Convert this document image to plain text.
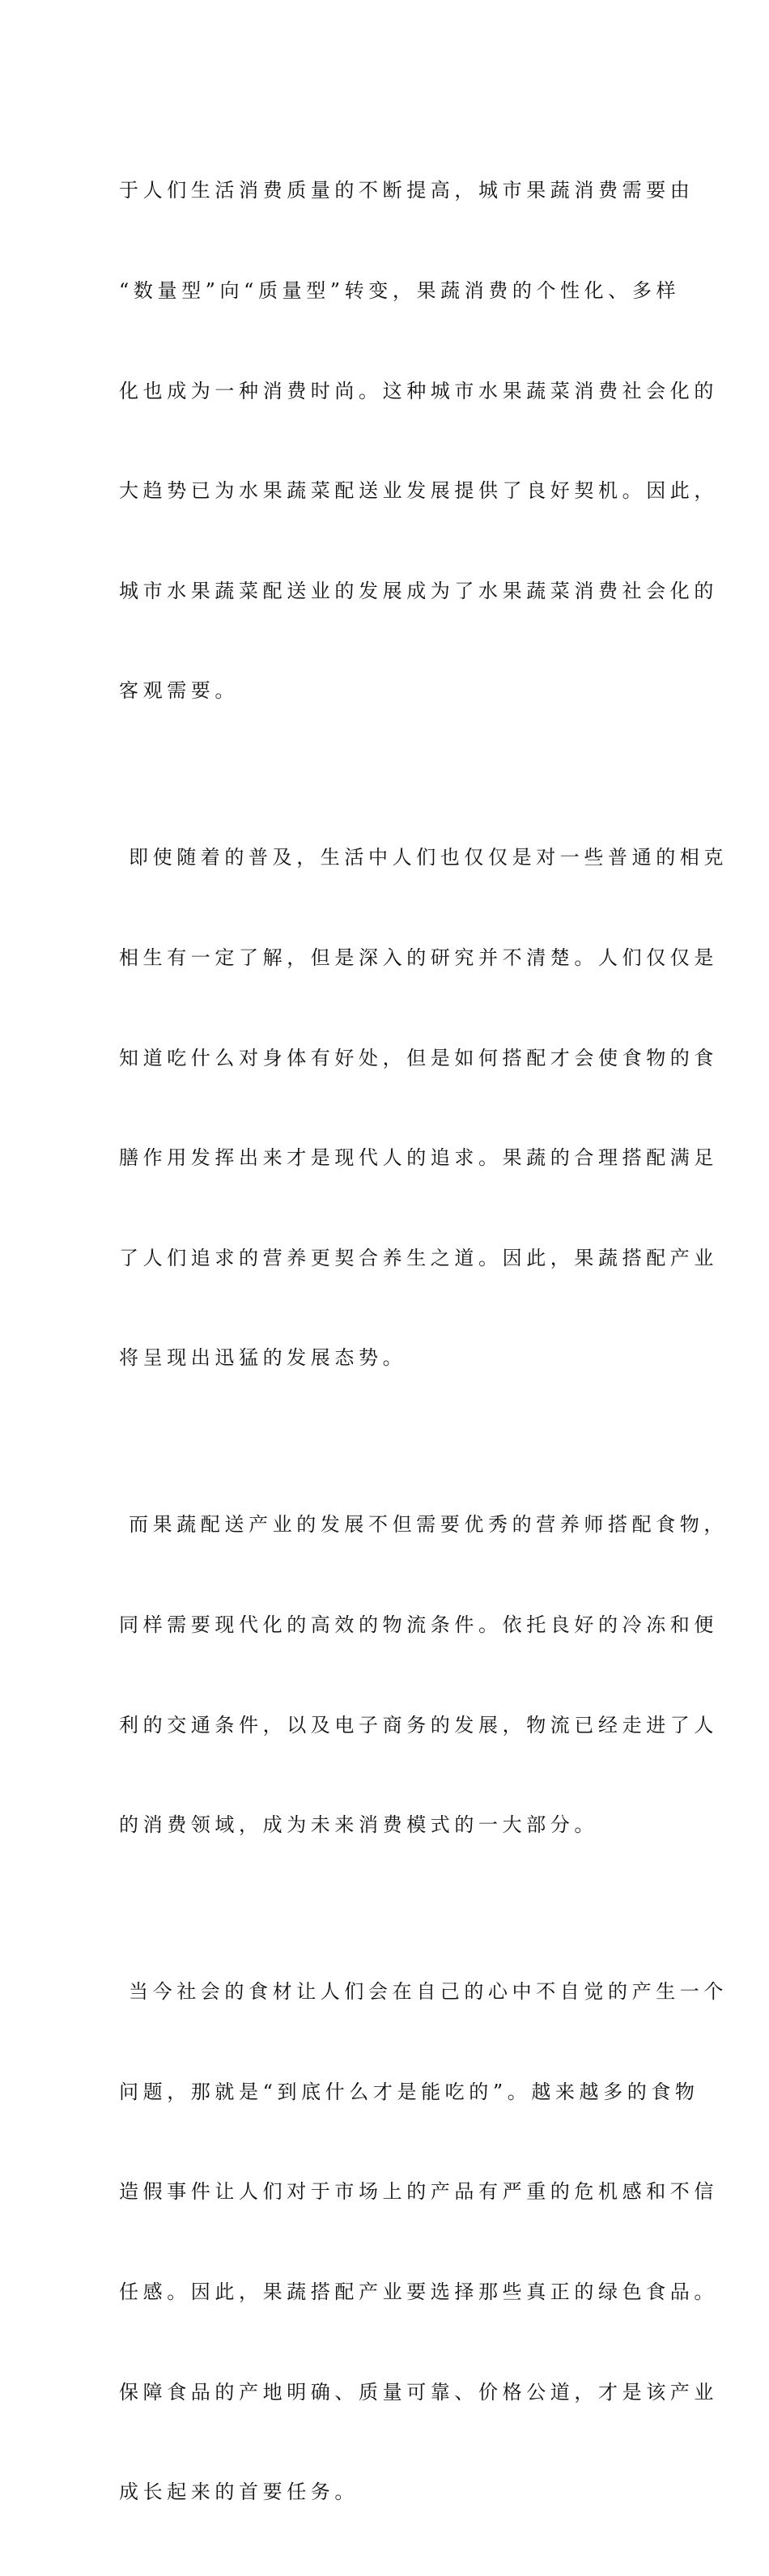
于人们生活消费质量的不断提高，城市果蔬消费需要由

“数量型”向“质量型”转变，果蔬消费的个性化、多样

化也成为一种消费时尚。这种城市水果蔬菜消费社会化的

大趋势已为水果蔬菜配送业发展提供了良好契机。因此，

城市水果蔬菜配送业的发展成为了水果蔬菜消费社会化的

客观需要。

即使随着的普及，生活中人们也仅仅是对一些普通的相克

相生有一定了解，但是深入的研究并不清楚。人们仅仅是

知道吃什么对身体有好处，但是如何搭配才会使食物的食

膳作用发挥出来才是现代人的追求。果蔬的合理搭配满足

了人们追求的营养更契合养生之道。因此，果蔬搭配产业

将呈现出迅猛的发展态势。

而果蔬配送产业的发展不但需要优秀的营养师搭配食物，

同样需要现代化的高效的物流条件。依托良好的冷冻和便

利的交通条件，以及电子商务的发展，物流已经走进了人

的消费领域，成为未来消费模式的一大部分。

当今社会的食材让人们会在自己的心中不自觉的产生一个

问题，那就是“到底什么才是能吃的”。越来越多的食物

造假事件让人们对于市场上的产品有严重的危机感和不信

任感。因此，果蔬搭配产业要选择那些真正的绿色食品。

保障食品的产地明确、质量可靠、价格公道，才是该产业

成长起来的首要任务。
